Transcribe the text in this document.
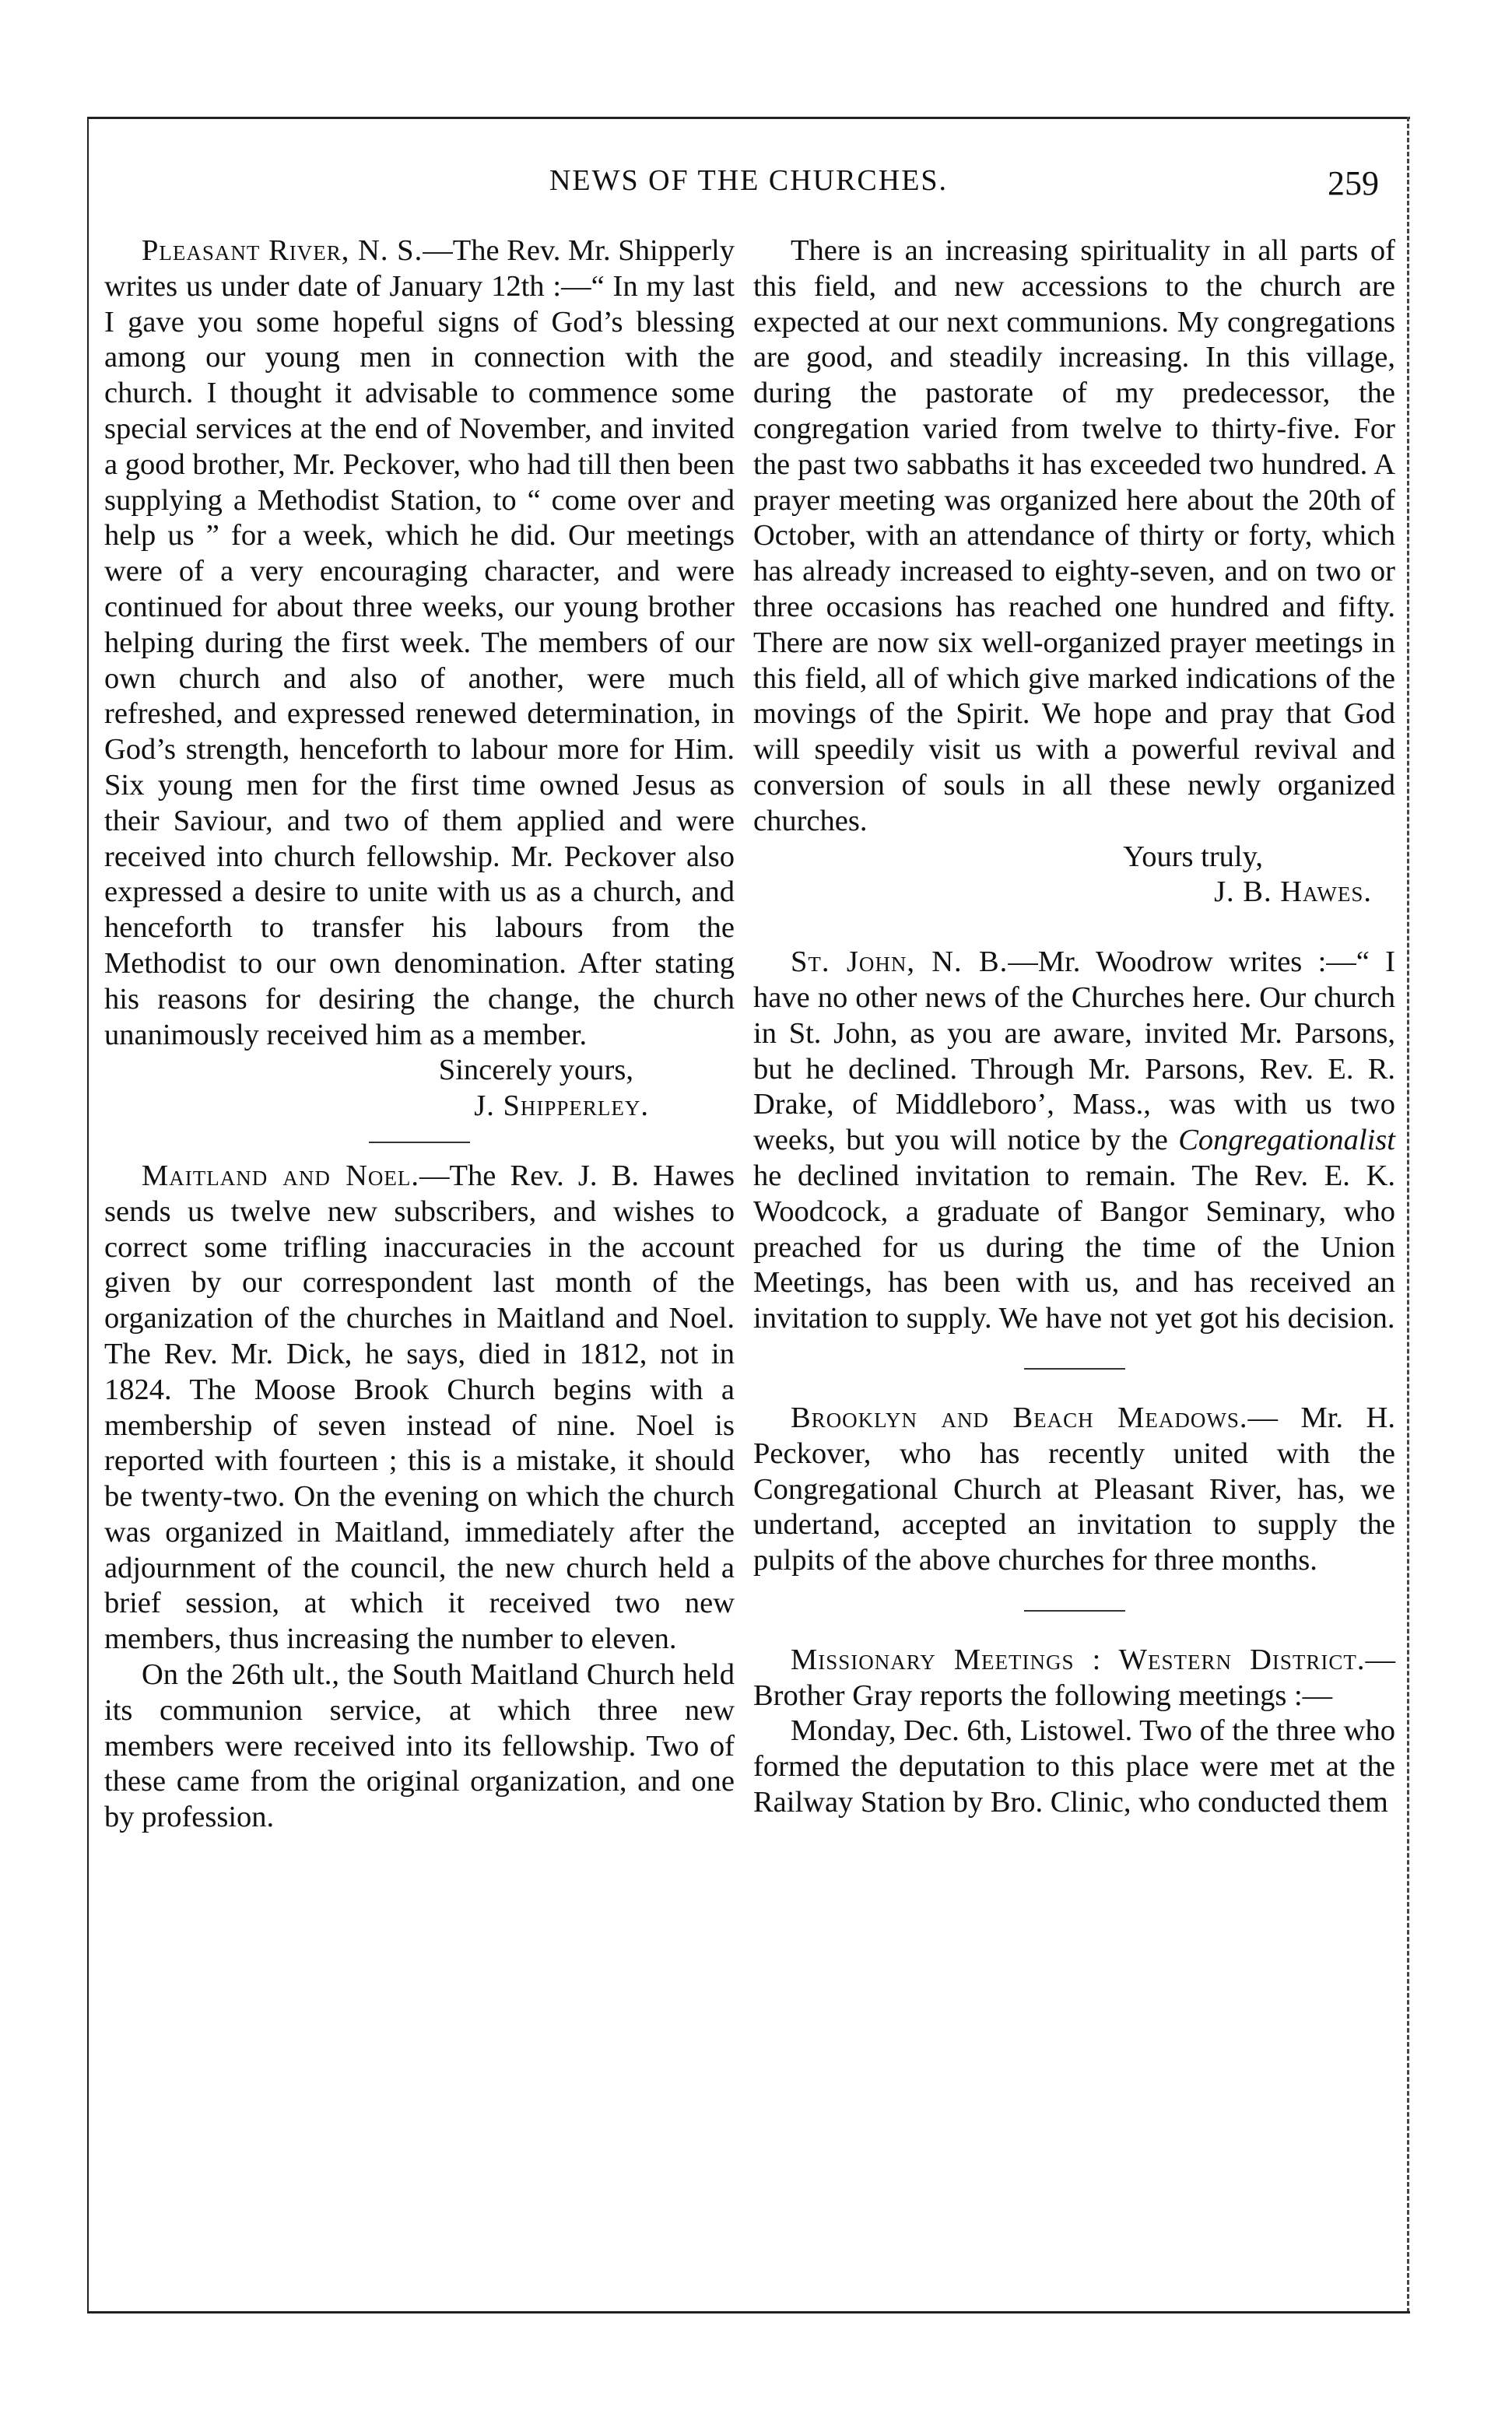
NEWS OF THE CHURCHES.	259

Pleasant River, N. S.—The Rev. Mr. Shipperly writes us under date of January 12th :—“ In my last I gave you some hopeful signs of God’s blessing among our young men in connection with the church. I thought it advisable to commence some special services at the end of November, and invited a good brother, Mr. Peckover, who had till then been supplying a Methodist Station, to “ come over and help us ” for a week, which he did. Our meetings were of a very encouraging character, and were continued for about three weeks, our young brother helping during the first week. The members of our own church and also of another, were much refreshed, and expressed renewed determination, in God’s strength, henceforth to labour more for Him. Six young men for the first time owned Jesus as their Saviour, and two of them applied and were received into church fellowship. Mr. Peckover also expressed a desire to unite with us as a church, and henceforth to transfer his labours from the Methodist to our own denomination. After stating his reasons for desiring the change, the church unanimously received him as a member.

Sincerely yours,

J. Shipperley.

Maitland and Noel.—The Rev. J. B. Hawes sends us twelve new subscribers, and wishes to correct some trifling inaccuracies in the account given by our correspondent last month of the organization of the churches in Maitland and Noel. The Rev. Mr. Dick, he says, died in 1812, not in 1824. The Moose Brook Church begins with a membership of seven instead of nine. Noel is reported with fourteen ; this is a mistake, it should be twenty-two. On the evening on which the church was organized in Maitland, immediately after the adjournment of the council, the new church held a brief session, at which it received two new members, thus increasing the number to eleven.

On the 26th ult., the South Maitland Church held its communion service, at which three new members were received into its fellowship. Two of these came from the original organization, and one by profession.

There is an increasing spirituality in all parts of this field, and new accessions to the church are expected at our next communions. My congregations are good, and steadily increasing. In this village, during the pastorate of my predecessor, the congregation varied from twelve to thirty-five. For the past two sabbaths it has exceeded two hundred. A prayer meeting was organized here about the 20th of October, with an attendance of thirty or forty, which has already increased to eighty-seven, and on two or three occasions has reached one hundred and fifty. There are now six well-organized prayer meetings in this field, all of which give marked indications of the movings of the Spirit. We hope and pray that God will speedily visit us with a powerful revival and conversion of souls in all these newly organized churches.

Yours truly,

J. B. Hawes.

St. John, N. B.—Mr. Woodrow writes :—“ I have no other news of the Churches here. Our church in St. John, as you are aware, invited Mr. Parsons, but he declined. Through Mr. Parsons, Rev. E. R. Drake, of Middleboro’, Mass., was with us two weeks, but you will notice by the Congregationalist he declined invitation to remain. The Rev. E. K. Woodcock, a graduate of Bangor Seminary, who preached for us during the time of the Union Meetings, has been with us, and has received an invitation to supply. We have not yet got his decision.

Brooklyn and Beach Meadows.— Mr. H. Peckover, who has recently united with the Congregational Church at Pleasant River, has, we undertand, accepted an invitation to supply the pulpits of the above churches for three months.

Missionary Meetings : Western District.—Brother Gray reports the following meetings :—

Monday, Dec. 6th, Listowel. Two of the three who formed the deputation to this place were met at the Railway Station by Bro. Clinic, who conducted them
